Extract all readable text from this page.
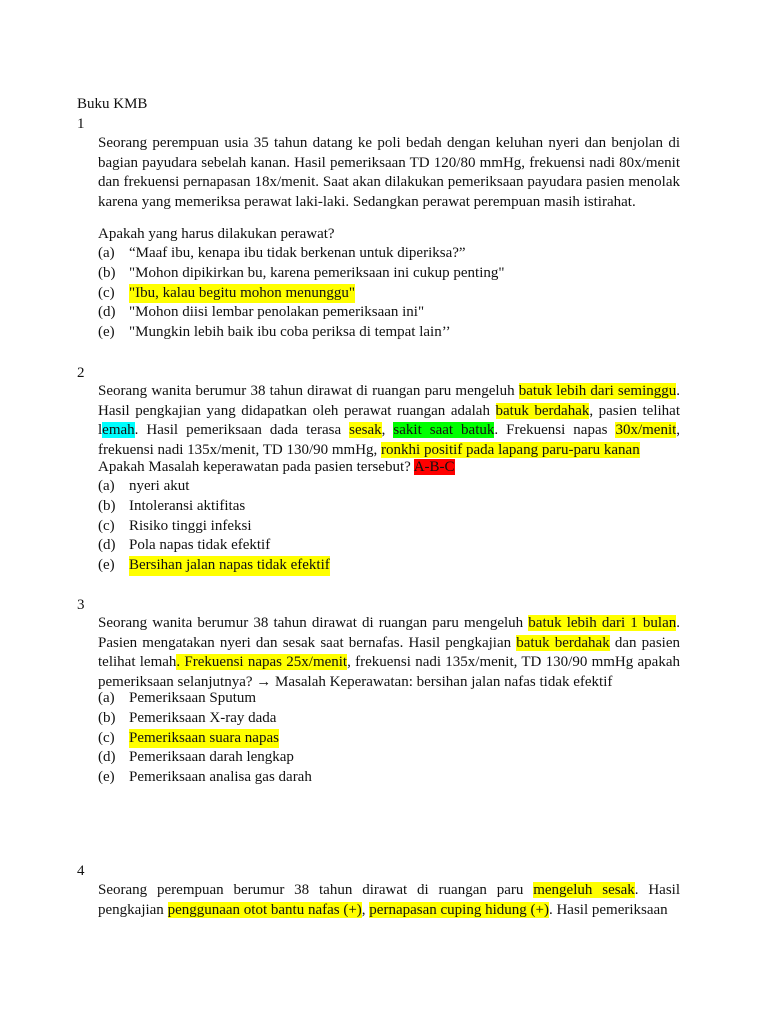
Buku KMB
1
Seorang perempuan usia 35 tahun datang ke poli bedah dengan keluhan nyeri dan benjolan di bagian payudara sebelah kanan. Hasil pemeriksaan TD 120/80 mmHg, frekuensi nadi 80x/menit dan frekuensi pernapasan 18x/menit. Saat akan dilakukan pemeriksaan payudara pasien menolak karena yang memeriksa perawat laki-laki. Sedangkan perawat perempuan masih istirahat.
Apakah yang harus dilakukan perawat?
(a) “Maaf ibu, kenapa ibu tidak berkenan untuk diperiksa?”
(b) "Mohon dipikirkan bu, karena pemeriksaan ini cukup penting"
(c) "Ibu, kalau begitu mohon menunggu"
(d) "Mohon diisi lembar penolakan pemeriksaan ini"
(e) "Mungkin lebih baik ibu coba periksa di tempat lain’’
2
Seorang wanita berumur 38 tahun dirawat di ruangan paru mengeluh batuk lebih dari seminggu. Hasil pengkajian yang didapatkan oleh perawat ruangan adalah batuk berdahak, pasien telihat lemah. Hasil pemeriksaan dada terasa sesak, sakit saat batuk. Frekuensi napas 30x/menit, frekuensi nadi 135x/menit, TD 130/90 mmHg, ronkhi positif pada lapang paru-paru kanan
Apakah Masalah keperawatan pada pasien tersebut? A-B-C
(a) nyeri akut
(b) Intoleransi aktifitas
(c) Risiko tinggi infeksi
(d) Pola napas tidak efektif
(e) Bersihan jalan napas tidak efektif
3
Seorang wanita berumur 38 tahun dirawat di ruangan paru mengeluh batuk lebih dari 1 bulan. Pasien mengatakan nyeri dan sesak saat bernafas. Hasil pengkajian batuk berdahak dan pasien telihat lemah. Frekuensi napas 25x/menit, frekuensi nadi 135x/menit, TD 130/90 mmHg apakah pemeriksaan selanjutnya? → Masalah Keperawatan: bersihan jalan nafas tidak efektif
(a) Pemeriksaan Sputum
(b) Pemeriksaan X-ray dada
(c) Pemeriksaan suara napas
(d) Pemeriksaan darah lengkap
(e) Pemeriksaan analisa gas darah
4
Seorang perempuan berumur 38 tahun dirawat di ruangan paru mengeluh sesak. Hasil pengkajian penggunaan otot bantu nafas (+), pernapasan cuping hidung (+). Hasil pemeriksaan
